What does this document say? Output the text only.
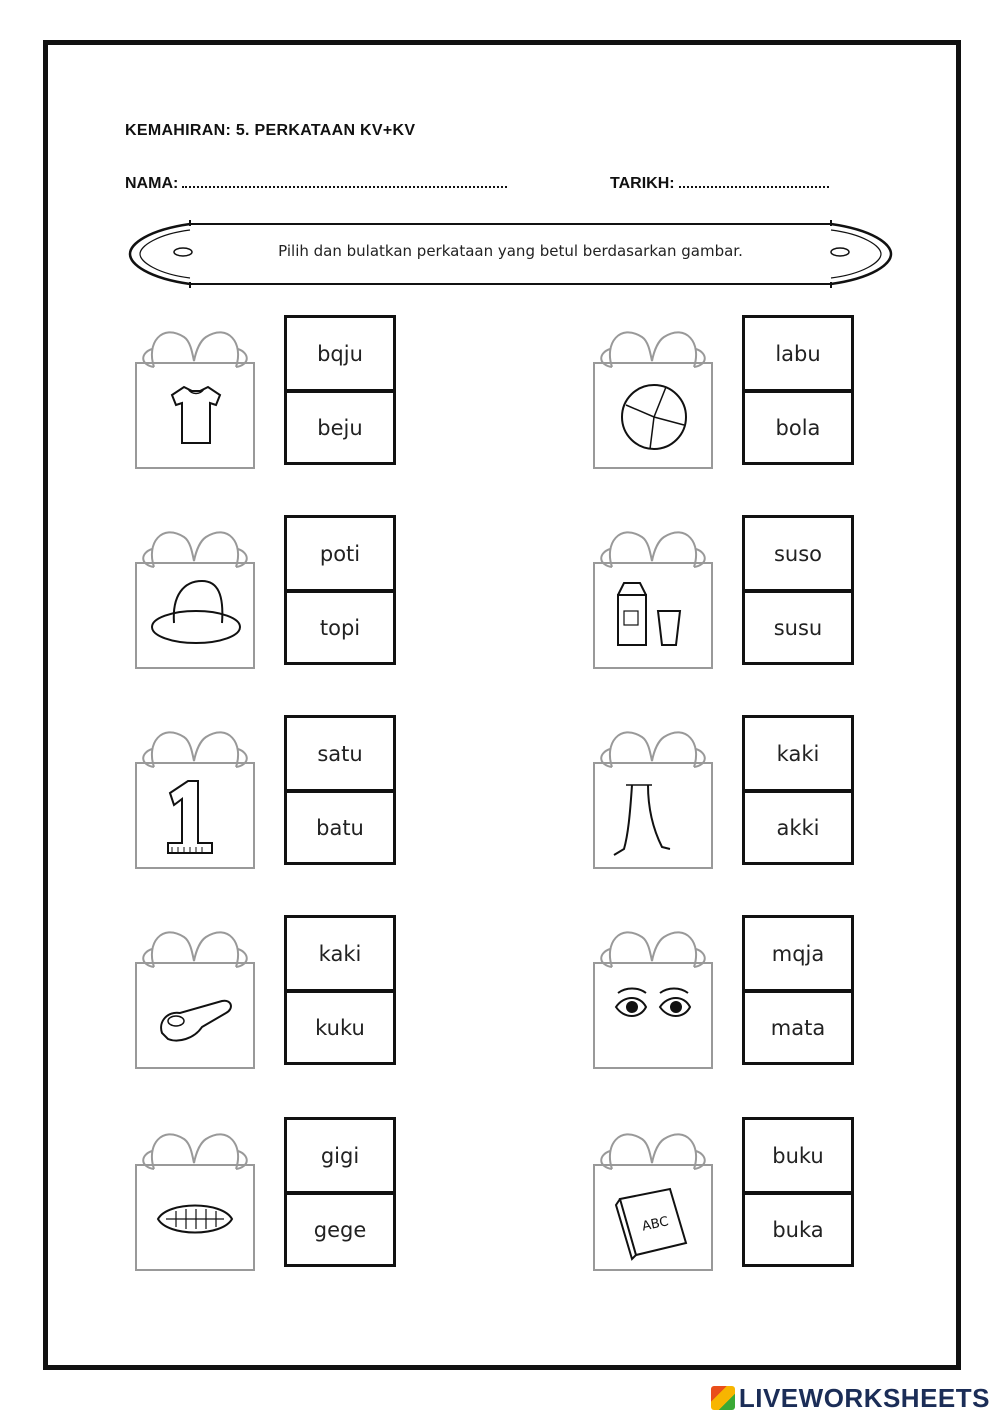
KEMAHIRAN: 5. PERKATAAN KV+KV
NAMA:	TARIKH:
Pilih dan bulatkan perkataan yang betul berdasarkan gambar.
bqju
beju
labu
bola
poti
topi
suso
susu
satu
batu
kaki
akki
kaki
kuku
mqja
mata
gigi
gege	ABC
buku
buka
LIVEWORKSHEETS
